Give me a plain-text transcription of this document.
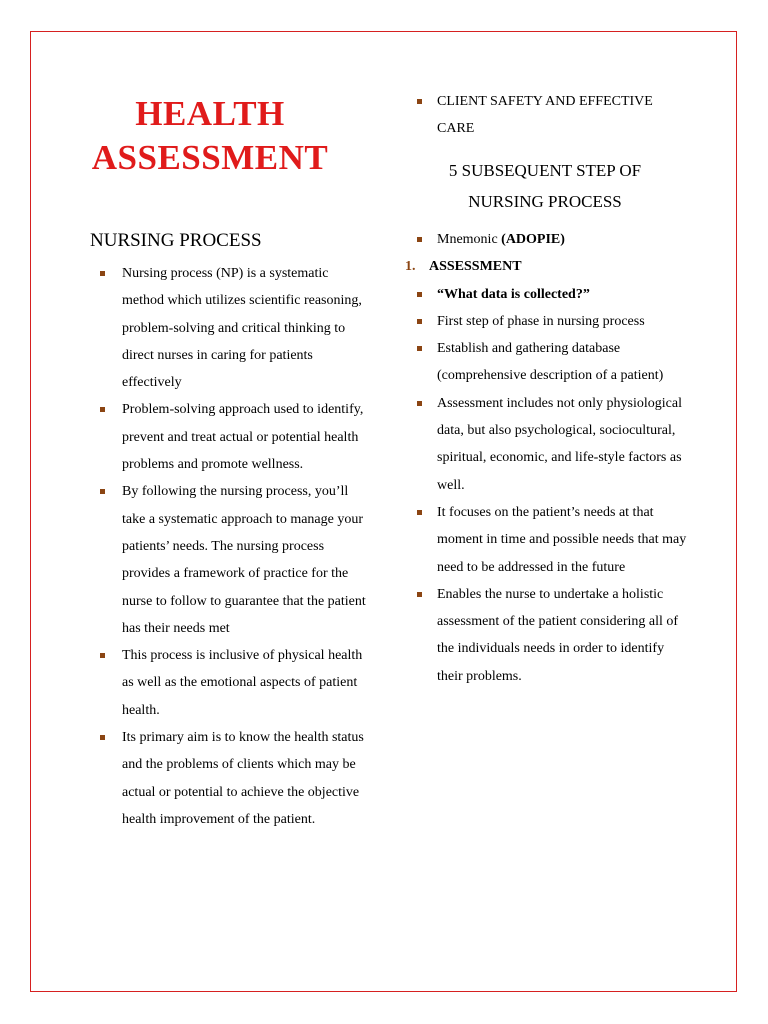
HEALTH
ASSESSMENT
NURSING PROCESS
Nursing process (NP) is a systematic method which utilizes scientific reasoning, problem-solving and critical thinking to direct nurses in caring for patients effectively
Problem-solving approach used to identify, prevent and treat actual or potential health problems and promote wellness.
By following the nursing process, you’ll take a systematic approach to manage your patients’ needs. The nursing process provides a framework of practice for the nurse to follow to guarantee that the patient has their needs met
This process is inclusive of physical health as well as the emotional aspects of patient health.
Its primary aim is to know the health status and the problems of clients which may be actual or potential to achieve the objective health improvement of the patient.
CLIENT SAFETY AND EFFECTIVE CARE
5 SUBSEQUENT STEP OF
NURSING PROCESS
Mnemonic (ADOPIE)
1. ASSESSMENT
“What data is collected?”
First step of phase in nursing process
Establish and gathering database (comprehensive description of a patient)
Assessment includes not only physiological data, but also psychological, sociocultural, spiritual, economic, and life-style factors as well.
It focuses on the patient’s needs at that moment in time and possible needs that may need to be addressed in the future
Enables the nurse to undertake a holistic assessment of the patient considering all of the individuals needs in order to identify their problems.
